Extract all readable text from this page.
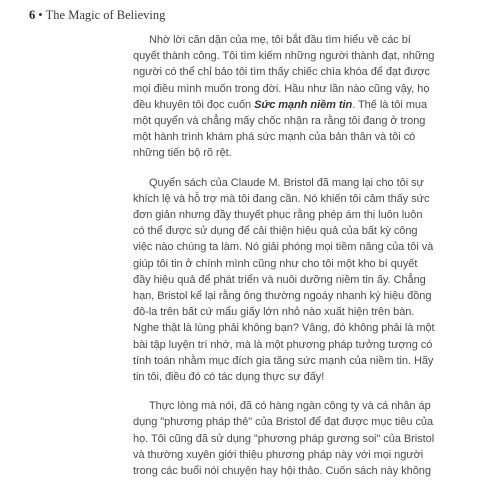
6 • The Magic of Believing
Nhờ lời căn dặn của mẹ, tôi bắt đầu tìm hiểu về các bí
quyết thành công. Tôi tìm kiếm những người thành đạt, những
người có thể chỉ bảo tôi tìm thấy chiếc chìa khóa để đạt được
mọi điều mình muốn trong đời. Hầu như lần nào cũng vậy, họ
đều khuyên tôi đọc cuốn Sức mạnh niềm tin. Thế là tôi mua
một quyển và chẳng mấy chốc nhận ra rằng tôi đang ở trong
một hành trình khám phá sức mạnh của bản thân và tôi có
những tiến bộ rõ rệt.
Quyển sách của Claude M. Bristol đã mang lại cho tôi sự
khích lệ và hỗ trợ mà tôi đang cần. Nó khiến tôi cảm thấy sức
đơn giản nhưng đầy thuyết phục rằng phép ám thị luôn luôn
có thể được sử dụng để cải thiện hiệu quả của bất kỳ công
việc nào chúng ta làm. Nó giải phóng mọi tiềm năng của tôi và
giúp tôi tin ở chính mình cũng như cho tôi một kho bí quyết
đầy hiệu quả để phát triển và nuôi dưỡng niềm tin ấy. Chẳng
hạn, Bristol kể lại rằng ông thường ngoáy nhanh ký hiệu đồng
đô-la trên bất cứ mẩu giấy lớn nhỏ nào xuất hiện trên bàn.
Nghe thật là lùng phải không bạn? Vâng, đó không phải là một
bài tập luyện trí nhớ, mà là một phương pháp tưởng tượng có
tính toán nhằm mục đích gia tăng sức mạnh của niềm tin. Hãy
tin tôi, điều đó có tác dụng thực sự đấy!
Thực lòng mà nói, đã có hàng ngàn công ty và cá nhân áp
dụng "phương pháp thẻ" của Bristol để đạt được mục tiêu của
họ. Tôi cũng đã sử dụng "phương pháp gương soi" của Bristol
và thường xuyên giới thiệu phương pháp này với mọi người
trong các buổi nói chuyện hay hội thảo. Cuốn sách này không
